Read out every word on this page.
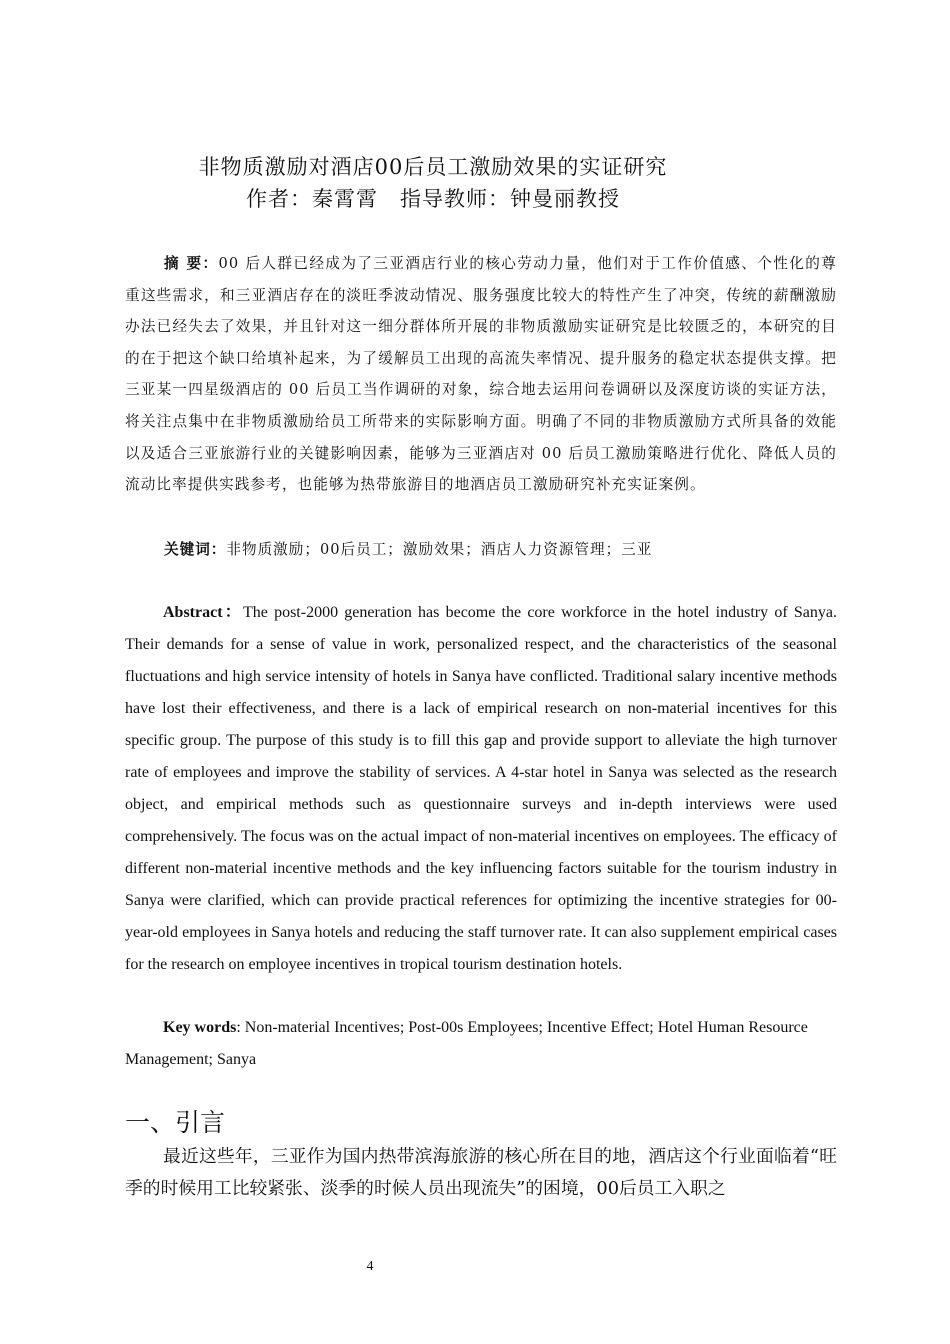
非物质激励对酒店00后员工激励效果的实证研究
作者：秦霄霄　指导教师：钟曼丽教授
摘 要：00 后人群已经成为了三亚酒店行业的核心劳动力量，他们对于工作价值感、个性化的尊重这些需求，和三亚酒店存在的淡旺季波动情况、服务强度比较大的特性产生了冲突，传统的薪酬激励办法已经失去了效果，并且针对这一细分群体所开展的非物质激励实证研究是比较匮乏的，本研究的目的在于把这个缺口给填补起来，为了缓解员工出现的高流失率情况、提升服务的稳定状态提供支撑。把三亚某一四星级酒店的 00 后员工当作调研的对象，综合地去运用问卷调研以及深度访谈的实证方法，将关注点集中在非物质激励给员工所带来的实际影响方面。明确了不同的非物质激励方式所具备的效能以及适合三亚旅游行业的关键影响因素，能够为三亚酒店对 00 后员工激励策略进行优化、降低人员的流动比率提供实践参考，也能够为热带旅游目的地酒店员工激励研究补充实证案例。
关键词：非物质激励；00后员工；激励效果；酒店人力资源管理；三亚
Abstract：The post-2000 generation has become the core workforce in the hotel industry of Sanya. Their demands for a sense of value in work, personalized respect, and the characteristics of the seasonal fluctuations and high service intensity of hotels in Sanya have conflicted. Traditional salary incentive methods have lost their effectiveness, and there is a lack of empirical research on non-material incentives for this specific group. The purpose of this study is to fill this gap and provide support to alleviate the high turnover rate of employees and improve the stability of services. A 4-star hotel in Sanya was selected as the research object, and empirical methods such as questionnaire surveys and in-depth interviews were used comprehensively. The focus was on the actual impact of non-material incentives on employees. The efficacy of different non-material incentive methods and the key influencing factors suitable for the tourism industry in Sanya were clarified, which can provide practical references for optimizing the incentive strategies for 00-year-old employees in Sanya hotels and reducing the staff turnover rate. It can also supplement empirical cases for the research on employee incentives in tropical tourism destination hotels.
Key words: Non-material Incentives; Post-00s Employees; Incentive Effect; Hotel Human Resource Management; Sanya
一、引言
最近这些年，三亚作为国内热带滨海旅游的核心所在目的地，酒店这个行业面临着“旺季的时候用工比较紧张、淡季的时候人员出现流失”的困境，00后员工入职之
4
